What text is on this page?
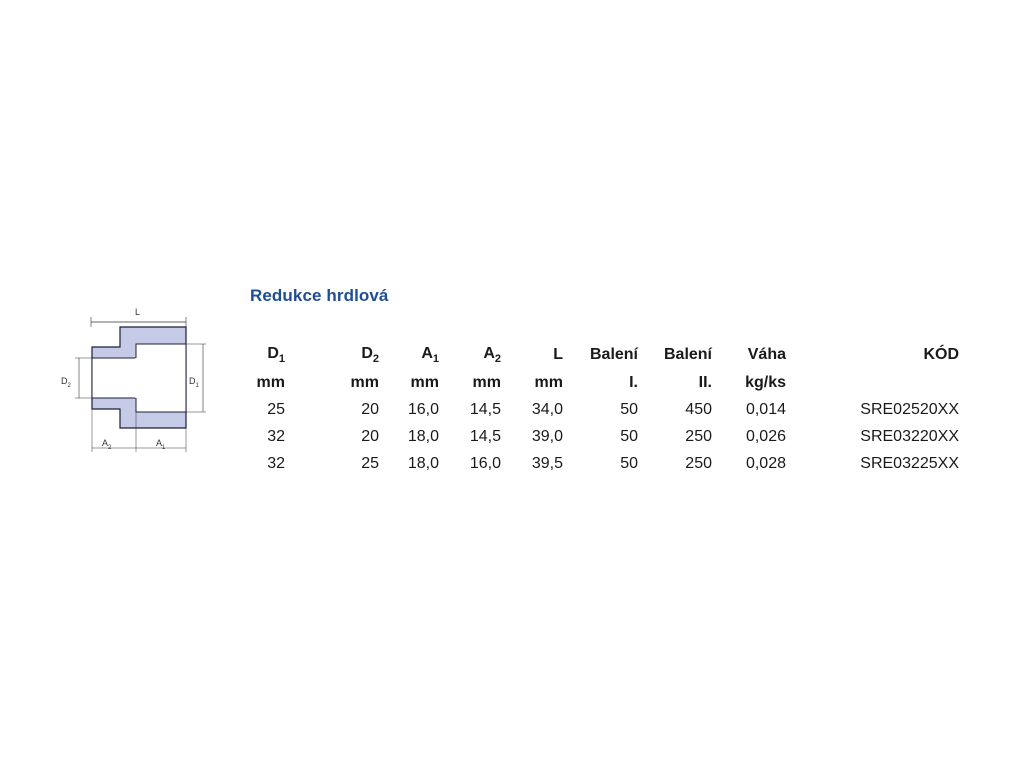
Redukce hrdlová
L
$D_2$	$D_1$
$A_2$	$A_1$
$D_1$	$D_2$	$A_1$	$A_2$	L	Balení	Balení	Váha	KÓD
mm	mm	mm	mm	mm	I.	II.	kg/ks	
25	20	16,0	14,5	34,0	50	450	0,014	SRE02520XX
32	20	18,0	14,5	39,0	50	250	0,026	SRE03220XX
32	25	18,0	16,0	39,5	50	250	0,028	SRE03225XX
